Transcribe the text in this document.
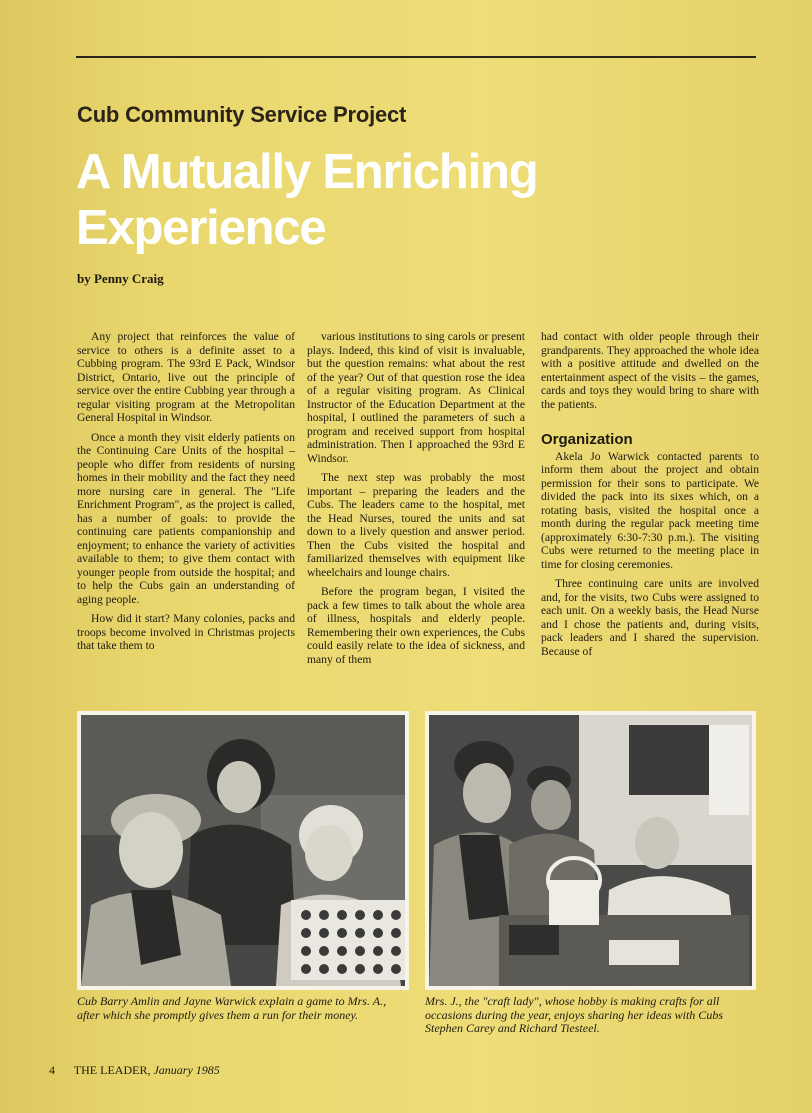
Cub Community Service Project
A Mutually Enriching Experience
by Penny Craig

Any project that reinforces the value of service to others is a definite asset to a Cubbing program. The 93rd E Pack, Windsor District, Ontario, live out the principle of service over the entire Cubbing year through a regular visiting program at the Metropolitan General Hospital in Windsor.

Once a month they visit elderly patients on the Continuing Care Units of the hospital – people who differ from residents of nursing homes in their mobility and the fact they need more nursing care in general. The "Life Enrichment Program", as the project is called, has a number of goals: to provide the continuing care patients companionship and enjoyment; to enhance the variety of activities available to them; to give them contact with younger people from outside the hospital; and to help the Cubs gain an understanding of aging people.

How did it start? Many colonies, packs and troops become involved in Christmas projects that take them to

various institutions to sing carols or present plays. Indeed, this kind of visit is invaluable, but the question remains: what about the rest of the year? Out of that question rose the idea of a regular visiting program. As Clinical Instructor of the Education Department at the hospital, I outlined the parameters of such a program and received support from hospital administration. Then I approached the 93rd E Windsor.

The next step was probably the most important – preparing the leaders and the Cubs. The leaders came to the hospital, met the Head Nurses, toured the units and sat down to a lively question and answer period. Then the Cubs visited the hospital and familiarized themselves with equipment like wheelchairs and lounge chairs.

Before the program began, I visited the pack a few times to talk about the whole area of illness, hospitals and elderly people. Remembering their own experiences, the Cubs could easily relate to the idea of sickness, and many of them

had contact with older people through their grandparents. They approached the whole idea with a positive attitude and dwelled on the entertainment aspect of the visits – the games, cards and toys they would bring to share with the patients.

Organization

Akela Jo Warwick contacted parents to inform them about the project and obtain permission for their sons to participate. We divided the pack into its sixes which, on a rotating basis, visited the hospital once a month during the regular pack meeting time (approximately 6:30-7:30 p.m.). The visiting Cubs were returned to the meeting place in time for closing ceremonies.

Three continuing care units are involved and, for the visits, two Cubs were assigned to each unit. On a weekly basis, the Head Nurse and I chose the patients and, during visits, pack leaders and I shared the supervision. Because of

Cub Barry Amlin and Jayne Warwick explain a game to Mrs. A., after which she promptly gives them a run for their money.
Mrs. J., the "craft lady", whose hobby is making crafts for all occasions during the year, enjoys sharing her ideas with Cubs Stephen Carey and Richard Tiesteel.
4 THE LEADER, January 1985
